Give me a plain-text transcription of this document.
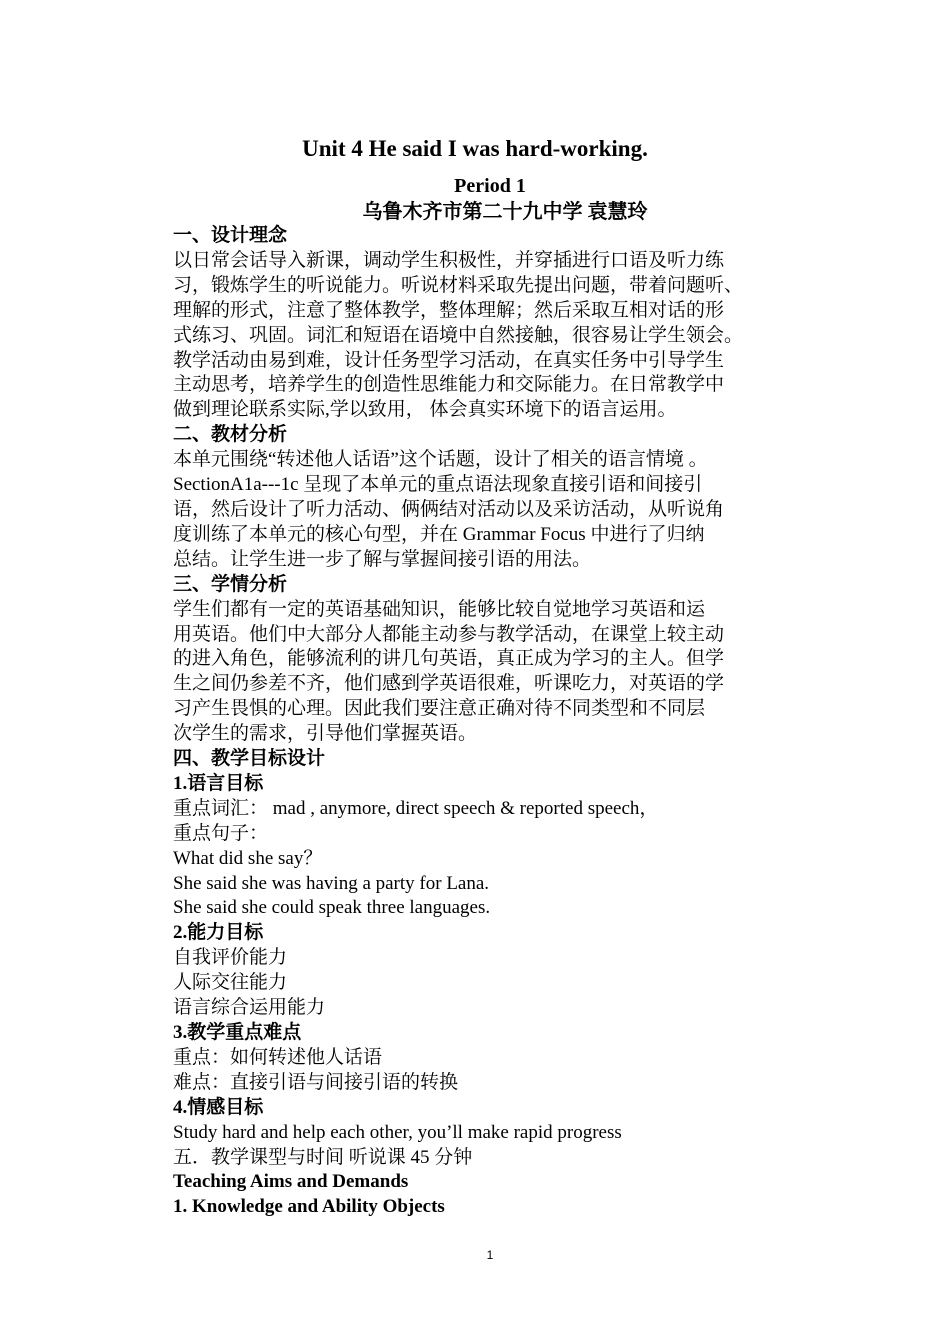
Unit 4 He said I was hard-working.
Period 1
乌鲁木齐市第二十九中学 袁慧玲

一、设计理念

以日常会话导入新课，调动学生积极性，并穿插进行口语及听力练

习，锻炼学生的听说能力。听说材料采取先提出问题，带着问题听、

理解的形式，注意了整体教学，整体理解；然后采取互相对话的形

式练习、巩固。词汇和短语在语境中自然接触，很容易让学生领会。

教学活动由易到难，设计任务型学习活动，在真实任务中引导学生

主动思考，培养学生的创造性思维能力和交际能力。在日常教学中

做到理论联系实际,学以致用， 体会真实环境下的语言运用。

二、教材分析

本单元围绕“转述他人话语”这个话题，设计了相关的语言情境 。

SectionA1a---1c 呈现了本单元的重点语法现象直接引语和间接引

语，然后设计了听力活动、俩俩结对活动以及采访活动，从听说角

度训练了本单元的核心句型，并在 Grammar Focus 中进行了归纳

总结。让学生进一步了解与掌握间接引语的用法。

三、学情分析

学生们都有一定的英语基础知识，能够比较自觉地学习英语和运

用英语。他们中大部分人都能主动参与教学活动，在课堂上较主动

的进入角色，能够流利的讲几句英语，真正成为学习的主人。但学

生之间仍参差不齐，他们感到学英语很难，听课吃力，对英语的学

习产生畏惧的心理。因此我们要注意正确对待不同类型和不同层

次学生的需求，引导他们掌握英语。

四、教学目标设计

1.语言目标

重点词汇： mad , anymore, direct speech & reported speech，

重点句子：

What did she say？

She said she was having a party for Lana.

She said she could speak three languages.

2.能力目标

自我评价能力

人际交往能力

语言综合运用能力

3.教学重点难点

重点：如何转述他人话语

难点：直接引语与间接引语的转换

4.情感目标

Study hard and help each other, you’ll make rapid progress

五．教学课型与时间 听说课 45 分钟

Teaching Aims and Demands

1. Knowledge and Ability Objects

1
